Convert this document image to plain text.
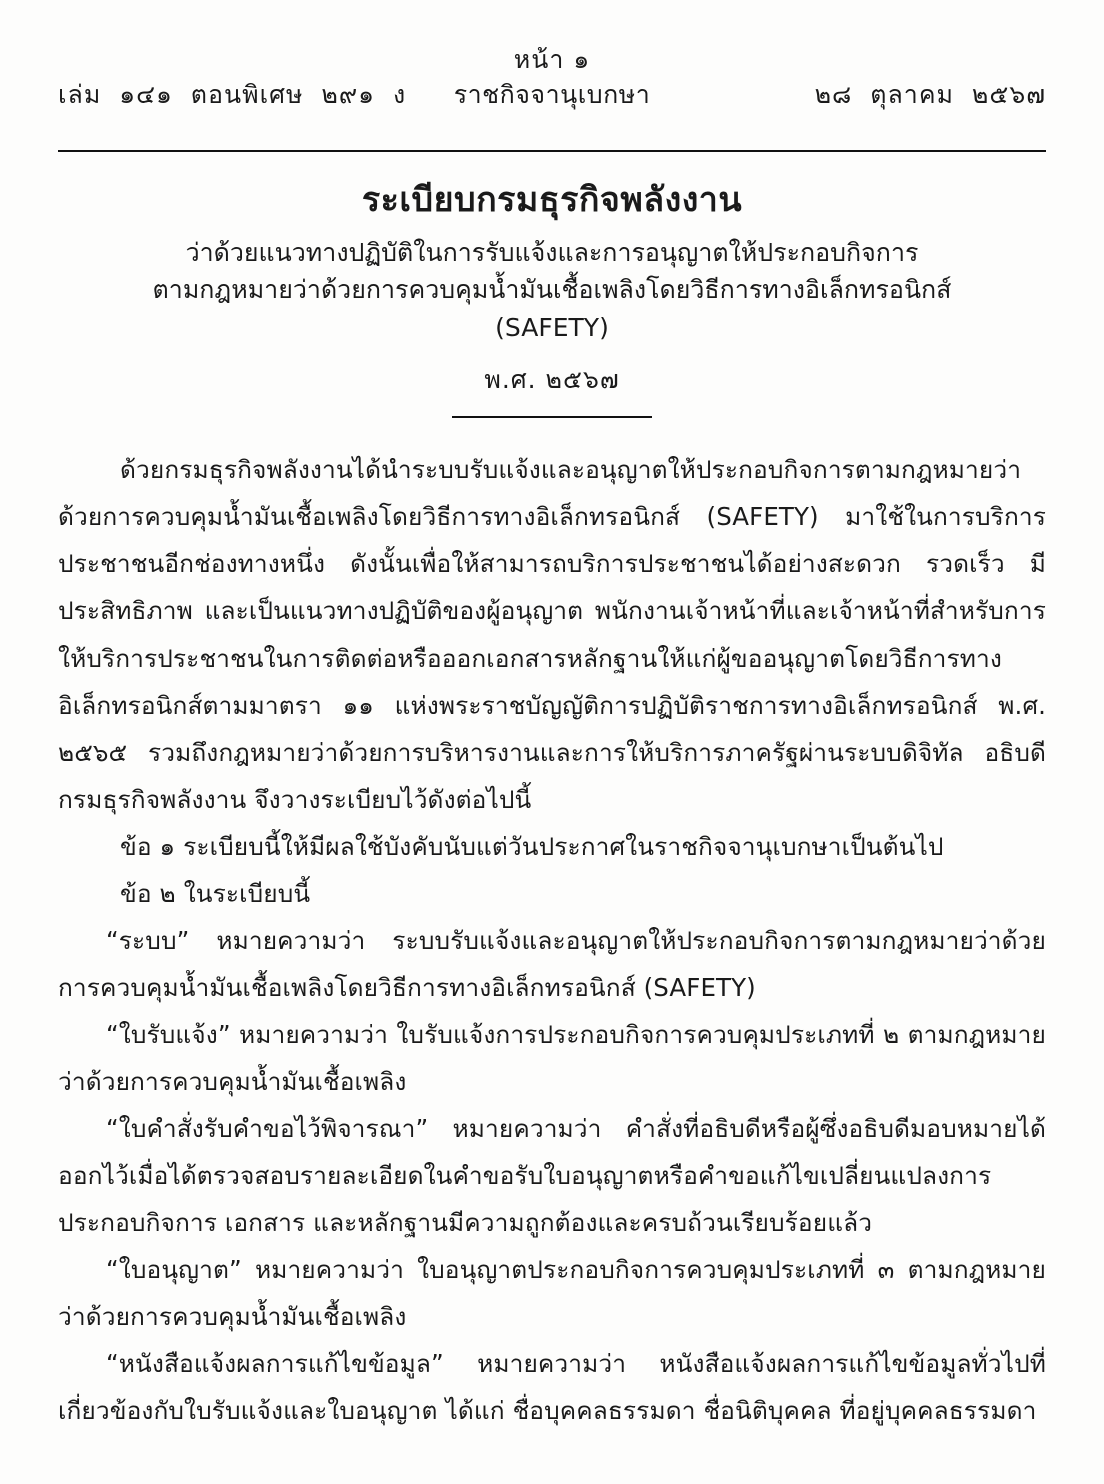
หน้า ๑
เล่ม  ๑๔๑  ตอนพิเศษ  ๒๙๑  ง	ราชกิจจานุเบกษา	๒๘  ตุลาคม  ๒๕๖๗
ระเบียบกรมธุรกิจพลังงาน
ว่าด้วยแนวทางปฏิบัติในการรับแจ้งและการอนุญาตให้ประกอบกิจการ
ตามกฎหมายว่าด้วยการควบคุมน้ำมันเชื้อเพลิงโดยวิธีการทางอิเล็กทรอนิกส์ (SAFETY)
พ.ศ. ๒๕๖๗

ด้วยกรมธุรกิจพลังงานได้นำระบบรับแจ้งและอนุญาตให้ประกอบกิจการตามกฎหมายว่าด้วยการควบคุมน้ำมันเชื้อเพลิงโดยวิธีการทางอิเล็กทรอนิกส์ (SAFETY) มาใช้ในการบริการประชาชนอีกช่องทางหนึ่ง ดังนั้นเพื่อให้สามารถบริการประชาชนได้อย่างสะดวก รวดเร็ว มีประสิทธิภาพ และเป็นแนวทางปฏิบัติของผู้อนุญาต พนักงานเจ้าหน้าที่และเจ้าหน้าที่สำหรับการให้บริการประชาชนในการติดต่อหรือออกเอกสารหลักฐานให้แก่ผู้ขออนุญาตโดยวิธีการทางอิเล็กทรอนิกส์ตามมาตรา ๑๑ แห่งพระราชบัญญัติการปฏิบัติราชการทางอิเล็กทรอนิกส์ พ.ศ. ๒๕๖๕ รวมถึงกฎหมายว่าด้วยการบริหารงานและการให้บริการภาครัฐผ่านระบบดิจิทัล อธิบดีกรมธุรกิจพลังงาน จึงวางระเบียบไว้ดังต่อไปนี้

ข้อ ๑ ระเบียบนี้ให้มีผลใช้บังคับนับแต่วันประกาศในราชกิจจานุเบกษาเป็นต้นไป

ข้อ ๒ ในระเบียบนี้

“ระบบ” หมายความว่า ระบบรับแจ้งและอนุญาตให้ประกอบกิจการตามกฎหมายว่าด้วยการควบคุมน้ำมันเชื้อเพลิงโดยวิธีการทางอิเล็กทรอนิกส์ (SAFETY)

“ใบรับแจ้ง” หมายความว่า ใบรับแจ้งการประกอบกิจการควบคุมประเภทที่ ๒ ตามกฎหมายว่าด้วยการควบคุมน้ำมันเชื้อเพลิง

“ใบคำสั่งรับคำขอไว้พิจารณา” หมายความว่า คำสั่งที่อธิบดีหรือผู้ซึ่งอธิบดีมอบหมายได้ออกไว้เมื่อได้ตรวจสอบรายละเอียดในคำขอรับใบอนุญาตหรือคำขอแก้ไขเปลี่ยนแปลงการประกอบกิจการ เอกสาร และหลักฐานมีความถูกต้องและครบถ้วนเรียบร้อยแล้ว

“ใบอนุญาต” หมายความว่า ใบอนุญาตประกอบกิจการควบคุมประเภทที่ ๓ ตามกฎหมายว่าด้วยการควบคุมน้ำมันเชื้อเพลิง

“หนังสือแจ้งผลการแก้ไขข้อมูล” หมายความว่า หนังสือแจ้งผลการแก้ไขข้อมูลทั่วไปที่เกี่ยวข้องกับใบรับแจ้งและใบอนุญาต ได้แก่ ชื่อบุคคลธรรมดา ชื่อนิติบุคคล ที่อยู่บุคคลธรรมดา
